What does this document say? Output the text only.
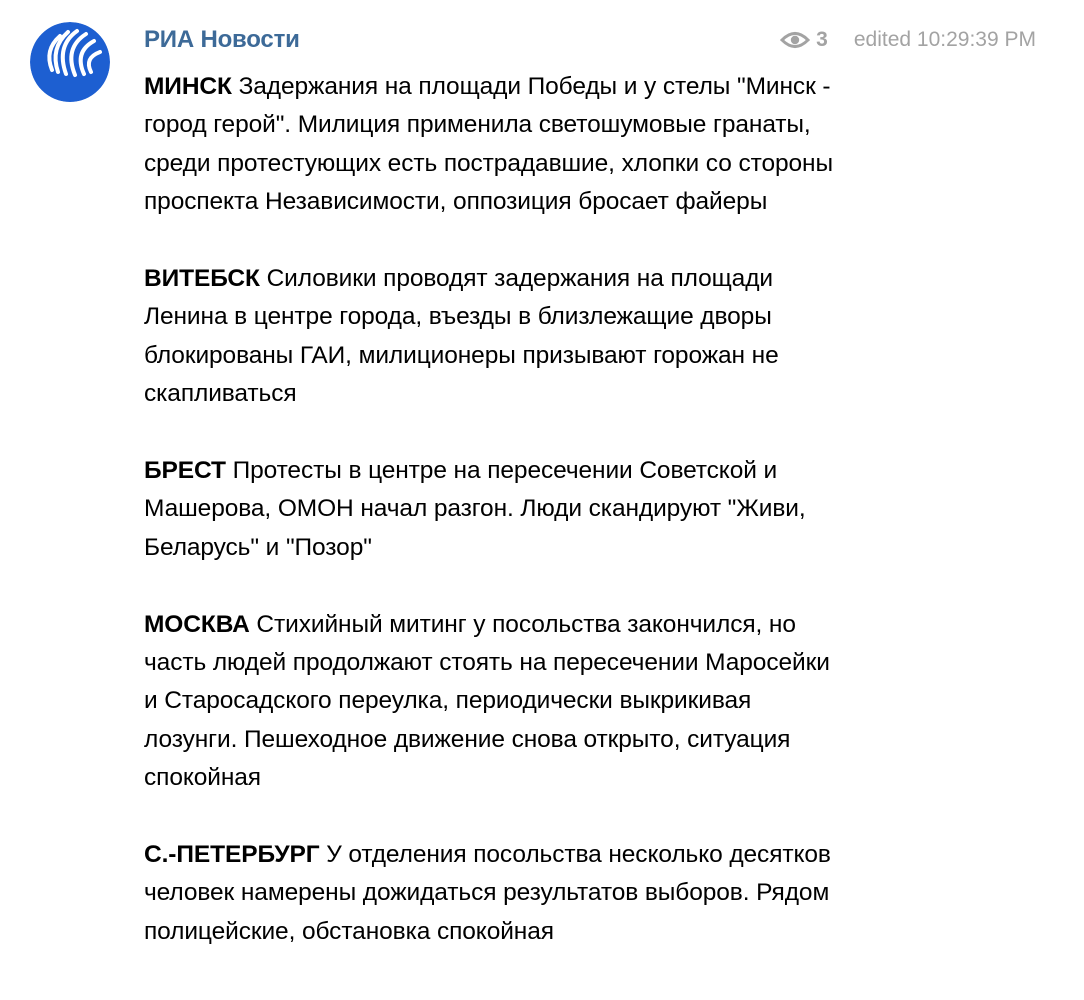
РИА Новости	3 edited 10:29:39 PM

МИНСК Задержания на площади Победы и у стелы "Минск - город герой". Милиция применила светошумовые гранаты, среди протестующих есть пострадавшие, хлопки со стороны проспекта Независимости, оппозиция бросает файеры

ВИТЕБСК Силовики проводят задержания на площади Ленина в центре города, въезды в близлежащие дворы блокированы ГАИ, милиционеры призывают горожан не скапливаться

БРЕСТ Протесты в центре на пересечении Советской и Машерова, ОМОН начал разгон. Люди скандируют "Живи, Беларусь" и "Позор"

МОСКВА Стихийный митинг у посольства закончился, но часть людей продолжают стоять на пересечении Маросейки и Старосадского переулка, периодически выкрикивая лозунги. Пешеходное движение снова открыто, ситуация спокойная

С.-ПЕТЕРБУРГ У отделения посольства несколько десятков человек намерены дожидаться результатов выборов. Рядом полицейские, обстановка спокойная
